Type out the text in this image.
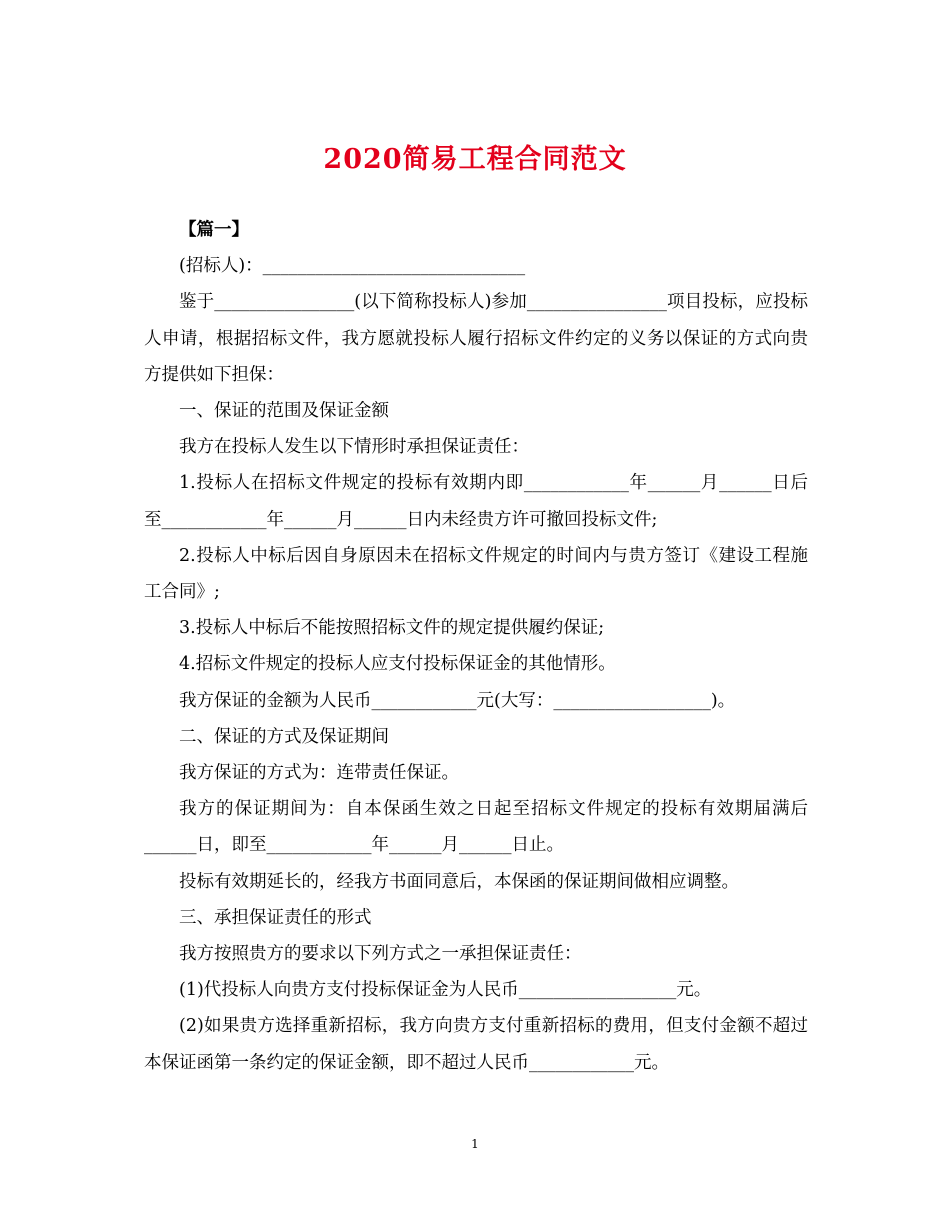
2020简易工程合同范文

【篇一】

(招标人)：______________________________

鉴于________________(以下简称投标人)参加________________项目投标，应投标人申请，根据招标文件，我方愿就投标人履行招标文件约定的义务以保证的方式向贵方提供如下担保：

一、保证的范围及保证金额

我方在投标人发生以下情形时承担保证责任：

1.投标人在招标文件规定的投标有效期内即____________年______月______日后至____________年______月______日内未经贵方许可撤回投标文件;

2.投标人中标后因自身原因未在招标文件规定的时间内与贵方签订《建设工程施工合同》;

3.投标人中标后不能按照招标文件的规定提供履约保证;

4.招标文件规定的投标人应支付投标保证金的其他情形。

我方保证的金额为人民币____________元(大写：__________________)。

二、保证的方式及保证期间

我方保证的方式为：连带责任保证。

我方的保证期间为：自本保函生效之日起至招标文件规定的投标有效期届满后______日，即至____________年______月______日止。

投标有效期延长的，经我方书面同意后，本保函的保证期间做相应调整。

三、承担保证责任的形式

我方按照贵方的要求以下列方式之一承担保证责任：

(1)代投标人向贵方支付投标保证金为人民币__________________元。

(2)如果贵方选择重新招标，我方向贵方支付重新招标的费用，但支付金额不超过本保证函第一条约定的保证金额，即不超过人民币____________元。

1
